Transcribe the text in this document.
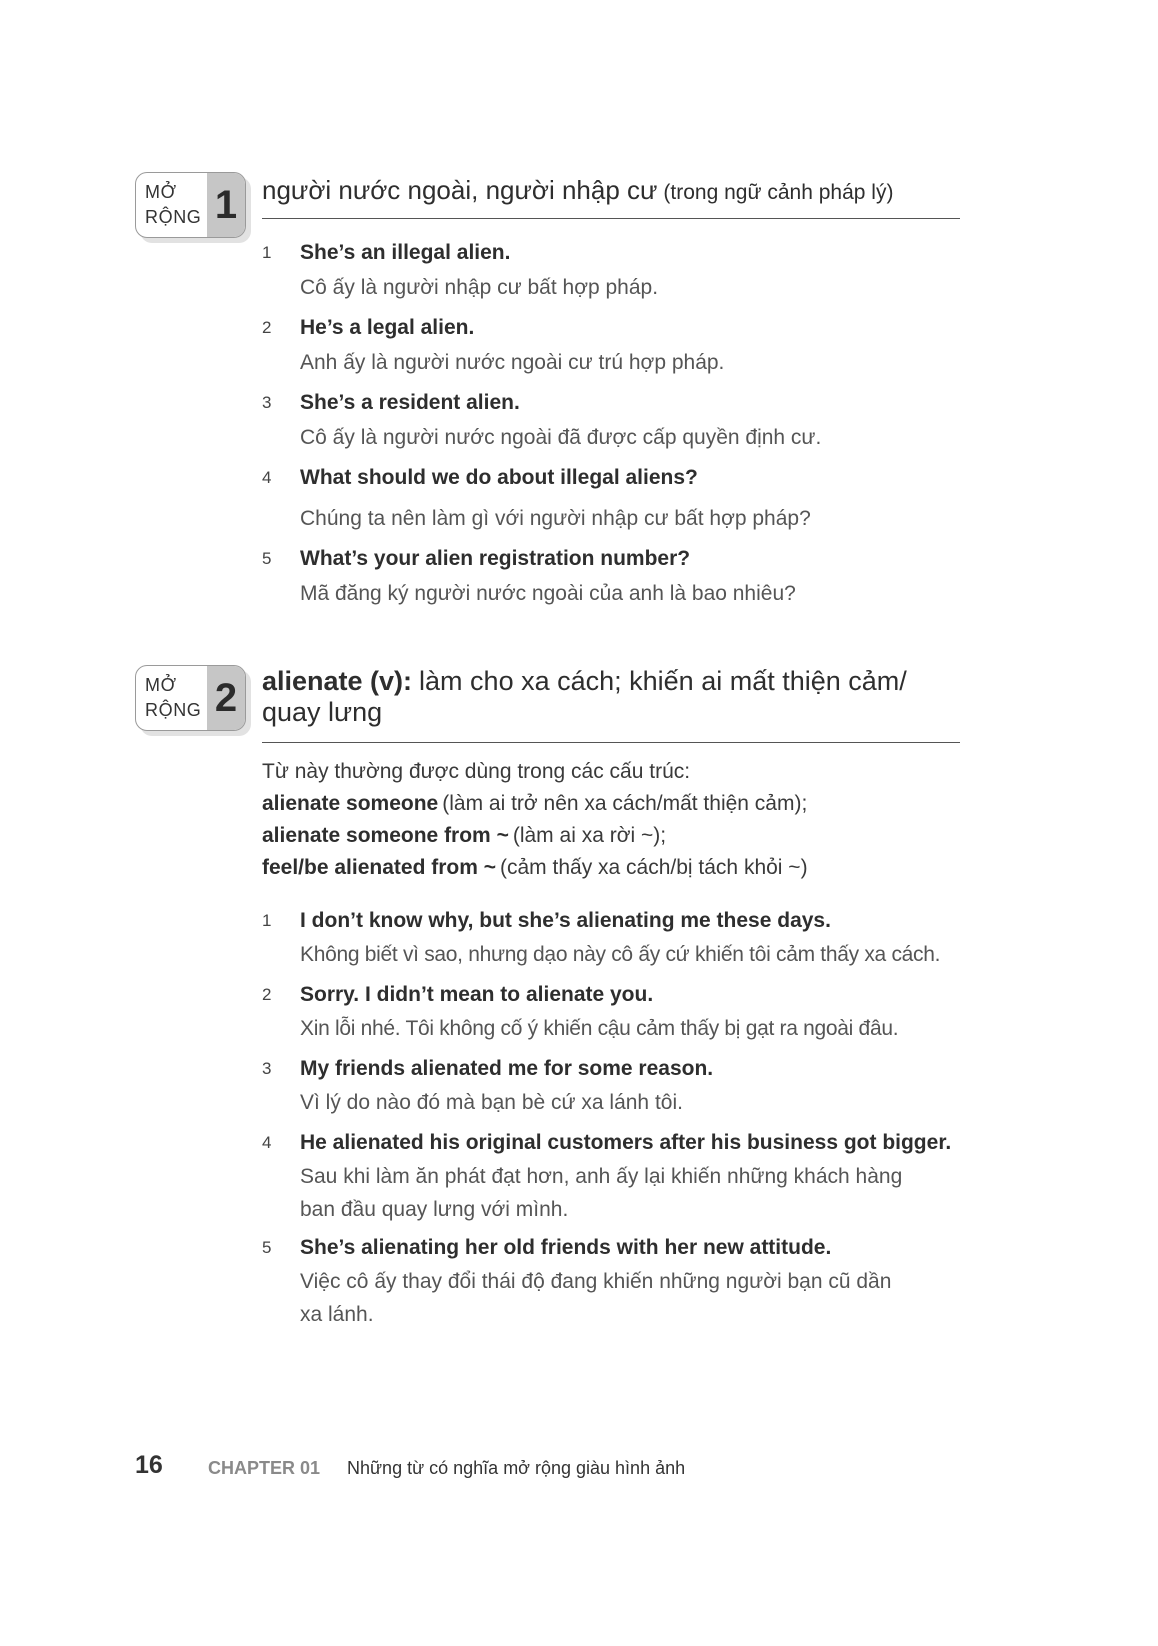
MỞ
RỘNG 1 người nước ngoài, người nhập cư (trong ngữ cảnh pháp lý)
1	She’s an illegal alien.
Cô ấy là người nhập cư bất hợp pháp.
2	He’s a legal alien.
Anh ấy là người nước ngoài cư trú hợp pháp.
3	She’s a resident alien.
Cô ấy là người nước ngoài đã được cấp quyền định cư.
4	What should we do about illegal aliens?
Chúng ta nên làm gì với người nhập cư bất hợp pháp?
5	What’s your alien registration number?
Mã đăng ký người nước ngoài của anh là bao nhiêu?
MỞ
RỘNG 2 alienate (v): làm cho xa cách; khiến ai mất thiện cảm/
quay lưng
Từ này thường được dùng trong các cấu trúc:
alienate someone (làm ai trở nên xa cách/mất thiện cảm);
alienate someone from ~ (làm ai xa rời ~);
feel/be alienated from ~ (cảm thấy xa cách/bị tách khỏi ~)
1	I don’t know why, but she’s alienating me these days.
Không biết vì sao, nhưng dạo này cô ấy cứ khiến tôi cảm thấy xa cách.
2	Sorry. I didn’t mean to alienate you.
Xin lỗi nhé. Tôi không cố ý khiến cậu cảm thấy bị gạt ra ngoài đâu.
3	My friends alienated me for some reason.
Vì lý do nào đó mà bạn bè cứ xa lánh tôi.
4	He alienated his original customers after his business got bigger.
Sau khi làm ăn phát đạt hơn, anh ấy lại khiến những khách hàng
ban đầu quay lưng với mình.
5	She’s alienating her old friends with her new attitude.
Việc cô ấy thay đổi thái độ đang khiến những người bạn cũ dần
xa lánh.
16	CHAPTER 01 Những từ có nghĩa mở rộng giàu hình ảnh
